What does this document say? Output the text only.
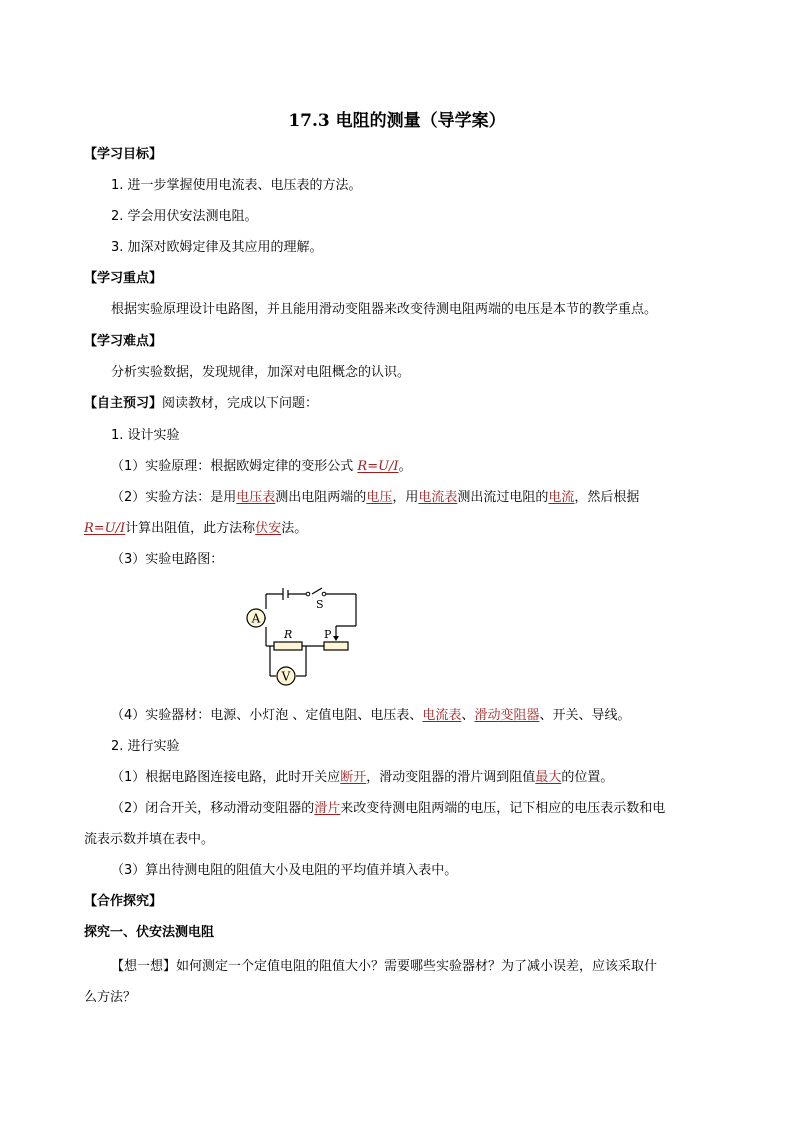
17.3 电阻的测量（导学案）
【学习目标】
1. 进一步掌握使用电流表、电压表的方法。
2. 学会用伏安法测电阻。
3. 加深对欧姆定律及其应用的理解。
【学习重点】
根据实验原理设计电路图，并且能用滑动变阻器来改变待测电阻两端的电压是本节的教学重点。
【学习难点】
分析实验数据，发现规律，加深对电阻概念的认识。
【自主预习】阅读教材，完成以下问题：
1. 设计实验
（1）实验原理：根据欧姆定律的变形公式 R=U/I。
（2）实验方法：是用电压表测出电阻两端的电压，用电流表测出流过电阻的电流，然后根据
R=U/I计算出阻值，此方法称伏安法。
（3）实验电路图：
A
V
S
R	P
（4）实验器材：电源、小灯泡 、定值电阻、电压表、电流表、滑动变阻器、开关、导线。
2. 进行实验
（1）根据电路图连接电路，此时开关应断开，滑动变阻器的滑片调到阻值最大的位置。
（2）闭合开关，移动滑动变阻器的滑片来改变待测电阻两端的电压，记下相应的电压表示数和电
流表示数并填在表中。
（3）算出待测电阻的阻值大小及电阻的平均值并填入表中。
【合作探究】
探究一、伏安法测电阻
【想一想】如何测定一个定值电阻的阻值大小？需要哪些实验器材？为了减小误差，应该采取什
么方法？
